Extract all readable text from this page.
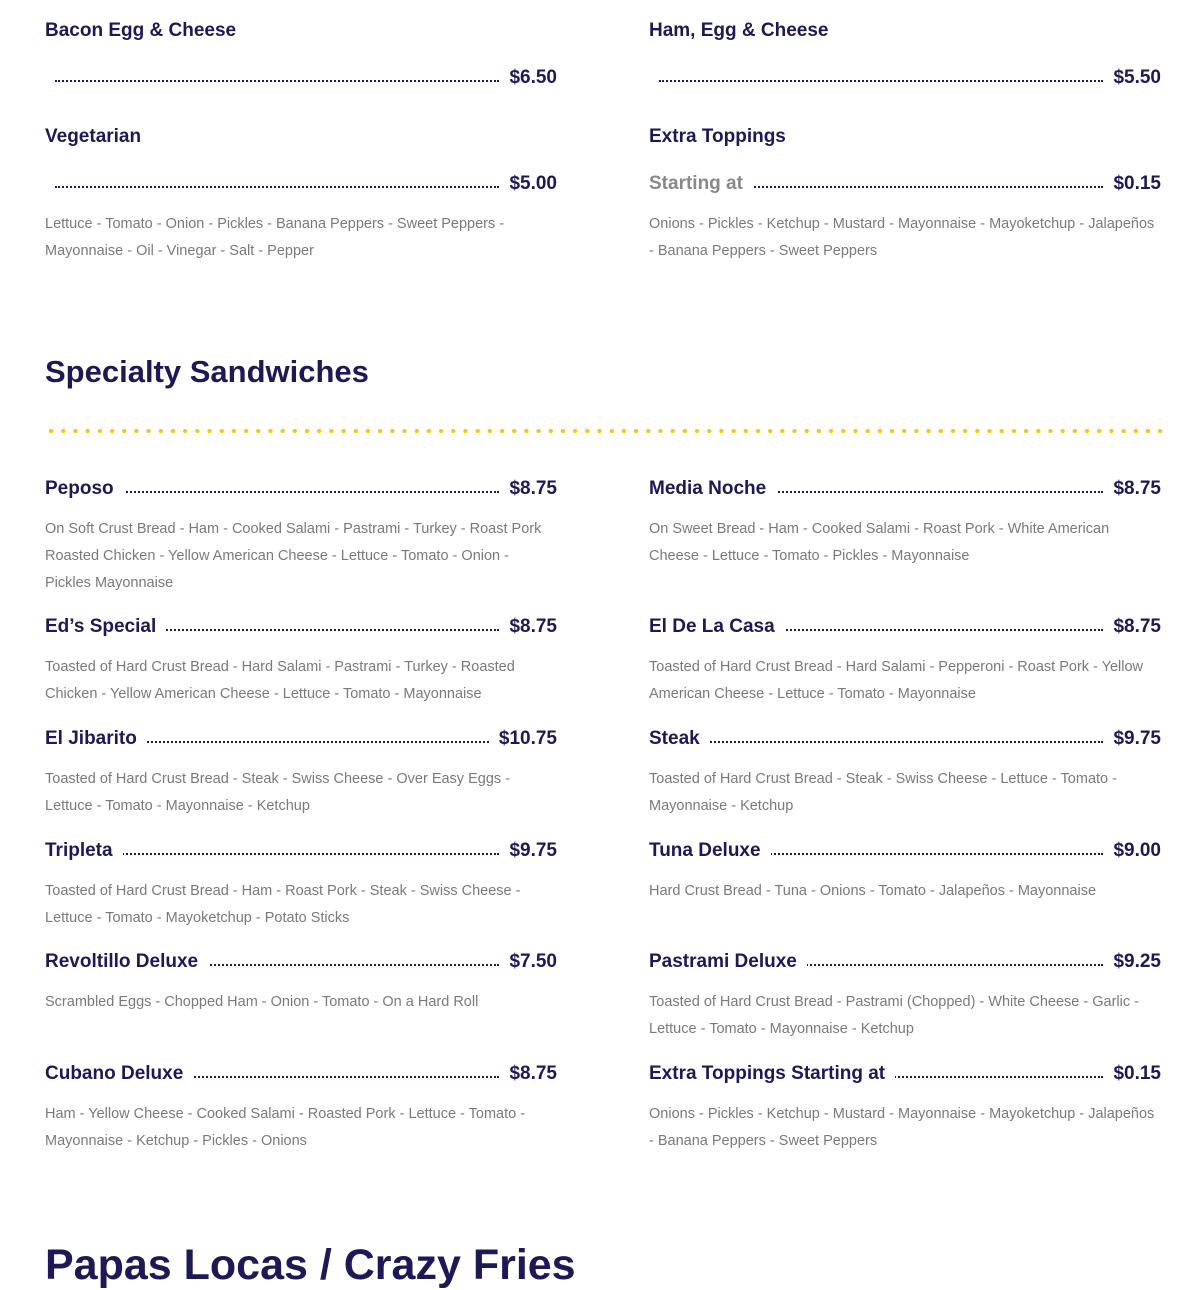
Bacon Egg & Cheese
$6.50
Ham, Egg & Cheese
$5.50
Vegetarian
$5.00
Lettuce - Tomato - Onion - Pickles - Banana Peppers - Sweet Peppers - Mayonnaise - Oil - Vinegar - Salt - Pepper
Extra Toppings
Starting at	$0.15
Onions - Pickles - Ketchup - Mustard - Mayonnaise - Mayoketchup - Jalapeños - Banana Peppers - Sweet Peppers
Specialty Sandwiches
Peposo	$8.75
On Soft Crust Bread - Ham - Cooked Salami - Pastrami - Turkey - Roast Pork Roasted Chicken - Yellow American Cheese - Lettuce - Tomato - Onion - Pickles Mayonnaise
Media Noche	$8.75
On Sweet Bread - Ham - Cooked Salami - Roast Pork - White American Cheese - Lettuce - Tomato - Pickles - Mayonnaise
Ed’s Special	$8.75
Toasted of Hard Crust Bread - Hard Salami - Pastrami - Turkey - Roasted Chicken - Yellow American Cheese - Lettuce - Tomato - Mayonnaise
El De La Casa	$8.75
Toasted of Hard Crust Bread - Hard Salami - Pepperoni - Roast Pork - Yellow American Cheese - Lettuce - Tomato - Mayonnaise
El Jibarito	$10.75
Toasted of Hard Crust Bread - Steak - Swiss Cheese - Over Easy Eggs - Lettuce - Tomato - Mayonnaise - Ketchup
Steak	$9.75
Toasted of Hard Crust Bread - Steak - Swiss Cheese - Lettuce - Tomato - Mayonnaise - Ketchup
Tripleta	$9.75
Toasted of Hard Crust Bread - Ham - Roast Pork - Steak - Swiss Cheese - Lettuce - Tomato - Mayoketchup - Potato Sticks
Tuna Deluxe	$9.00
Hard Crust Bread - Tuna - Onions - Tomato - Jalapeños - Mayonnaise
Revoltillo Deluxe	$7.50
Scrambled Eggs - Chopped Ham - Onion - Tomato - On a Hard Roll
Pastrami Deluxe	$9.25
Toasted of Hard Crust Bread - Pastrami (Chopped) - White Cheese - Garlic - Lettuce - Tomato - Mayonnaise - Ketchup
Cubano Deluxe	$8.75
Ham - Yellow Cheese - Cooked Salami - Roasted Pork - Lettuce - Tomato - Mayonnaise - Ketchup - Pickles - Onions
Extra Toppings Starting at	$0.15
Onions - Pickles - Ketchup - Mustard - Mayonnaise - Mayoketchup - Jalapeños - Banana Peppers - Sweet Peppers
Papas Locas / Crazy Fries
